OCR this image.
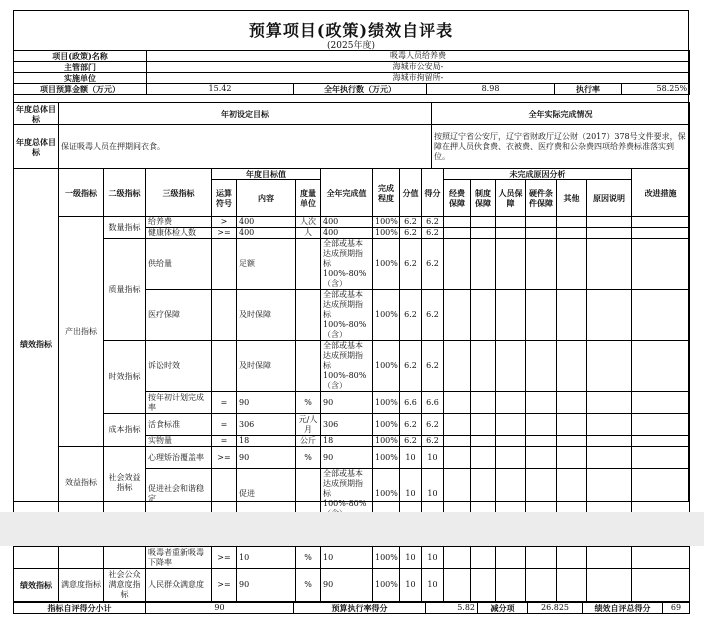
预算项目(政策)绩效自评表
(2025年度)
项目(政策)名称	吸毒人员给养费				
主管部门	海城市公安局-				
实施单位	海城市拘留所-				
项目预算金额（万元）	15.42	全年执行数（万元）	8.98	执行率	58.25%
年度总体目标	年初设定目标	全年实际完成情况
年度总体目标	保证吸毒人员在押期间衣食。	按照辽宁省公安厅，辽宁省财政厅辽公财（2017）378号文件要求，保障在押人员伙食费、衣被费、医疗费和公杂费四项给养费标准落实到位。
绩效指标	一级指标	二级指标	三级指标	年度目标值			全年完成值	完成程度	分值	得分	未完成原因分析						改进措施
				运算符号	内容	度量单位					经费保障	制度保障	人员保障	硬件条件保障	其他	原因说明	
	产出指标	数量指标	给养费	>	400	人次	400	100%	6.2	6.2							
			健康体检人数	>=	400	人	400	100%	6.2	6.2							
		质量指标	供给量		足额		全部或基本达成预期指标100%-80%（含）	100%	6.2	6.2							
			医疗保障		及时保障		全部或基本达成预期指标100%-80%（含）	100%	6.2	6.2							
		时效指标	诉讼时效		及时保障		全部或基本达成预期指标100%-80%（含）	100%	6.2	6.2							
			按年初计划完成率	=	90	%	90	100%	6.6	6.6							
		成本指标	活食标准	=	306	元/人月	306	100%	6.2	6.2							
			实物量	=	18	公斤	18	100%	6.2	6.2							
	效益指标	社会效益指标	心理矫治覆盖率	>=	90	%	90	100%	10	10							
			促进社会和谐稳定		促进		全部或基本达成预期指标100%-80%	100%	10	10							
			吸毒者重新吸毒下降率	>=	10	%	10	100%	10	10							
绩效指标	满意度指标	社会公众满意度指标	人民群众满意度	>=	90	%	90	100%	10	10							
指标自评得分小计	90	预算执行率得分	5.82	减分项	26.825	绩效自评总得分	69
